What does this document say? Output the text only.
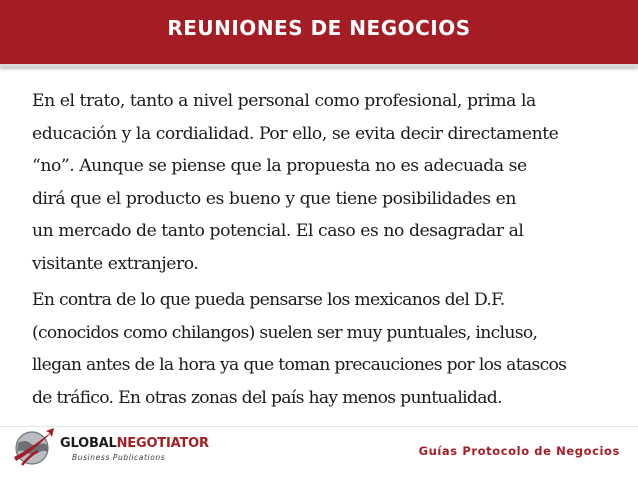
REUNIONES DE NEGOCIOS
En el trato, tanto a nivel personal como profesional, prima la
educación y la cordialidad. Por ello, se evita decir directamente
“no”. Aunque se piense que la propuesta no es adecuada se
dirá que el producto es bueno y que tiene posibilidades en
un mercado de tanto potencial. El caso es no desagradar al
visitante extranjero.
En contra de lo que pueda pensarse los mexicanos del D.F.
(conocidos como chilangos) suelen ser muy puntuales, incluso,
llegan antes de la hora ya que toman precauciones por los atascos
de tráfico. En otras zonas del país hay menos puntualidad.
GLOBALNEGOTIATOR
Business Publications	Guías Protocolo de Negocios
